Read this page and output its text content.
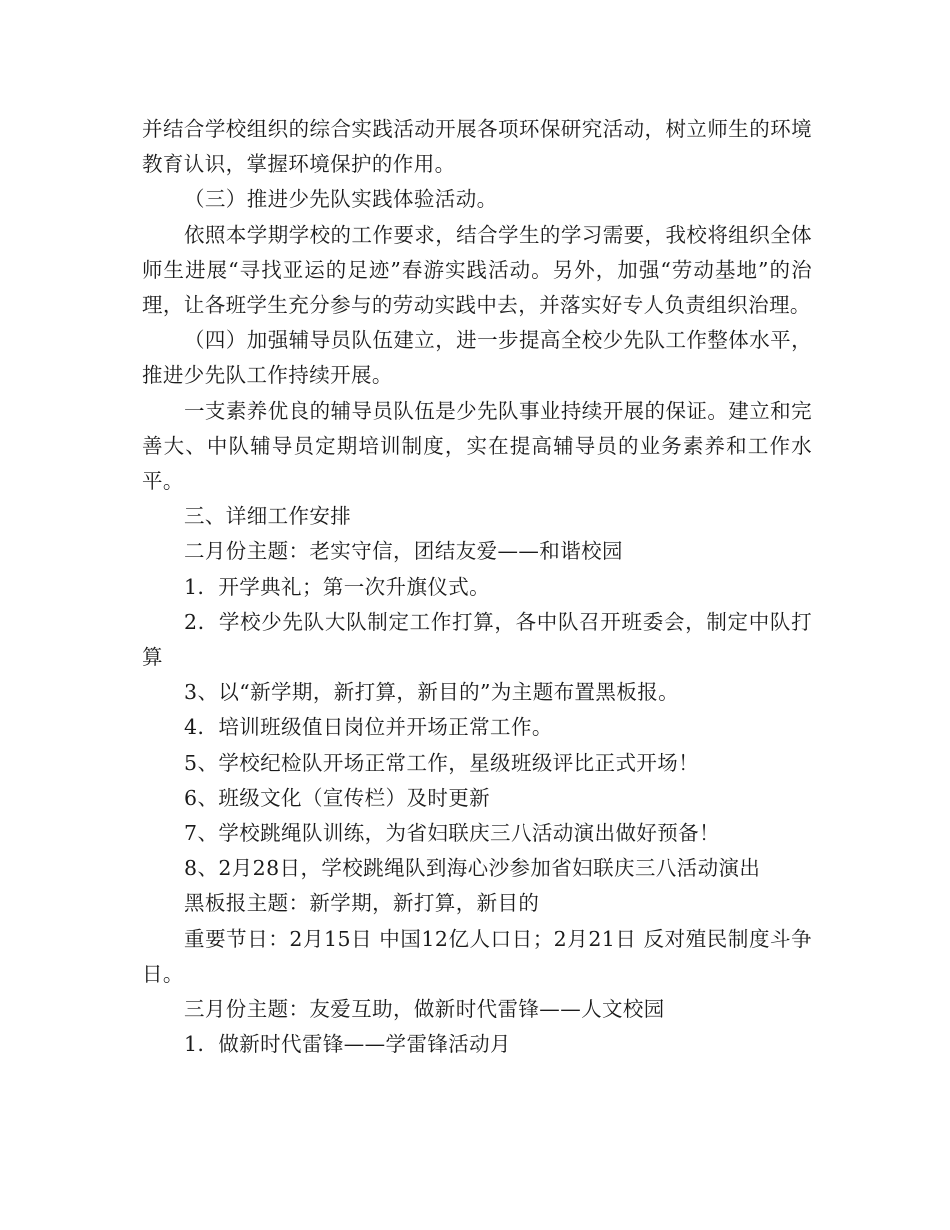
并结合学校组织的综合实践活动开展各项环保研究活动，树立师生的环境教育认识，掌握环境保护的作用。

（三）推进少先队实践体验活动。

依照本学期学校的工作要求，结合学生的学习需要，我校将组织全体师生进展“寻找亚运的足迹”春游实践活动。另外，加强“劳动基地”的治理，让各班学生充分参与的劳动实践中去，并落实好专人负责组织治理。

（四）加强辅导员队伍建立，进一步提高全校少先队工作整体水平，推进少先队工作持续开展。

一支素养优良的辅导员队伍是少先队事业持续开展的保证。建立和完善大、中队辅导员定期培训制度，实在提高辅导员的业务素养和工作水平。

三、详细工作安排

二月份主题：老实守信，团结友爱——和谐校园

1．开学典礼；第一次升旗仪式。

2．学校少先队大队制定工作打算，各中队召开班委会，制定中队打算

3、以“新学期，新打算，新目的”为主题布置黑板报。

4．培训班级值日岗位并开场正常工作。

5、学校纪检队开场正常工作，星级班级评比正式开场！

6、班级文化（宣传栏）及时更新

7、学校跳绳队训练，为省妇联庆三八活动演出做好预备！

8、2月28日，学校跳绳队到海心沙参加省妇联庆三八活动演出

黑板报主题：新学期，新打算，新目的

重要节日：2月15日 中国12亿人口日；2月21日 反对殖民制度斗争日。

三月份主题：友爱互助，做新时代雷锋——人文校园

1．做新时代雷锋——学雷锋活动月
